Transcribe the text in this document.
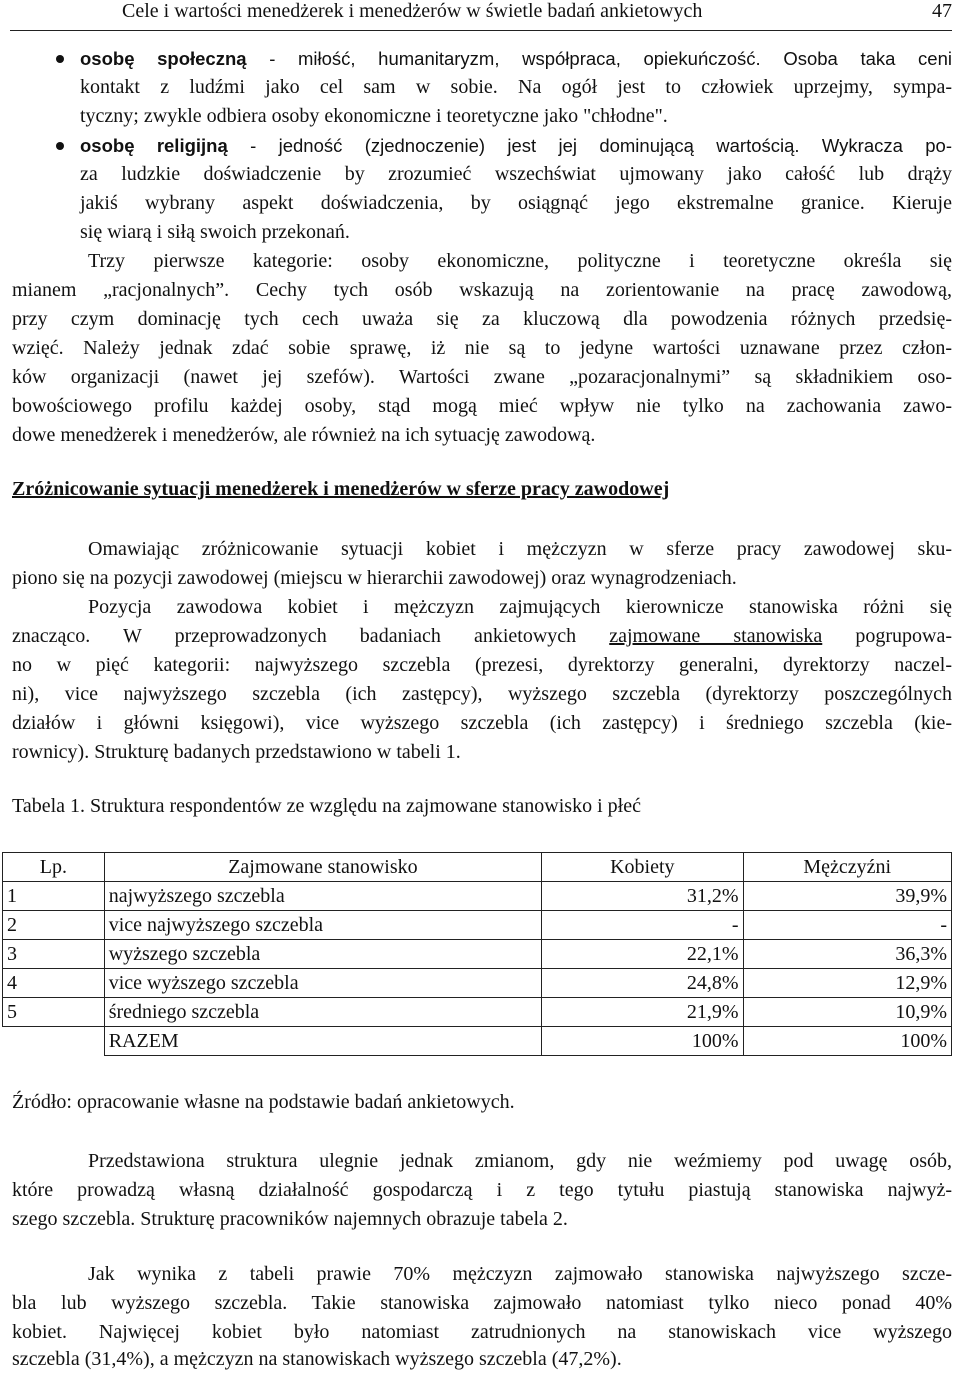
Cele i wartości menedżerek i menedżerów w świetle badań ankietowych	47
osobę społeczną - miłość, humanitaryzm, współpraca, opiekuńczość. Osoba taka ceni
kontakt z ludźmi jako cel sam w sobie. Na ogół jest to człowiek uprzejmy, sympa-
tyczny; zwykle odbiera osoby ekonomiczne i teoretyczne jako "chłodne".
osobę religijną - jedność (zjednoczenie) jest jej dominującą wartością. Wykracza po-
za ludzkie doświadczenie by zrozumieć wszechświat ujmowany jako całość lub drąży
jakiś wybrany aspekt doświadczenia, by osiągnąć jego ekstremalne granice. Kieruje
się wiarą i siłą swoich przekonań.
Trzy pierwsze kategorie: osoby ekonomiczne, polityczne i teoretyczne określa się
mianem „racjonalnych”. Cechy tych osób wskazują na zorientowanie na pracę zawodową,
przy czym dominację tych cech uważa się za kluczową dla powodzenia różnych przedsię-
wzięć. Należy jednak zdać sobie sprawę, iż nie są to jedyne wartości uznawane przez człon-
ków organizacji (nawet jej szefów). Wartości zwane „pozaracjonalnymi” są składnikiem oso-
bowościowego profilu każdej osoby, stąd mogą mieć wpływ nie tylko na zachowania zawo-
dowe menedżerek i menedżerów, ale również na ich sytuację zawodową.
Zróżnicowanie sytuacji menedżerek i menedżerów w sferze pracy zawodowej
Omawiając zróżnicowanie sytuacji kobiet i mężczyzn w sferze pracy zawodowej sku-
piono się na pozycji zawodowej (miejscu w hierarchii zawodowej) oraz wynagrodzeniach.
Pozycja zawodowa kobiet i mężczyzn zajmujących kierownicze stanowiska różni się
znacząco. W przeprowadzonych badaniach ankietowych zajmowane stanowiska pogrupowa-
no w pięć kategorii: najwyższego szczebla (prezesi, dyrektorzy generalni, dyrektorzy naczel-
ni), vice najwyższego szczebla (ich zastępcy), wyższego szczebla (dyrektorzy poszczególnych
działów i główni księgowi), vice wyższego szczebla (ich zastępcy) i średniego szczebla (kie-
rownicy). Strukturę badanych przedstawiono w tabeli 1.
Tabela 1. Struktura respondentów ze względu na zajmowane stanowisko i płeć
Lp.	Zajmowane stanowisko	Kobiety	Mężczyźni
1	najwyższego szczebla	31,2%	39,9%
2	vice najwyższego szczebla	-	-
3	wyższego szczebla	22,1%	36,3%
4	vice wyższego szczebla	24,8%	12,9%
5	średniego szczebla	21,9%	10,9%
	RAZEM	100%	100%
Źródło: opracowanie własne na podstawie badań ankietowych.
Przedstawiona struktura ulegnie jednak zmianom, gdy nie weźmiemy pod uwagę osób,
które prowadzą własną działalność gospodarczą i z tego tytułu piastują stanowiska najwyż-
szego szczebla. Strukturę pracowników najemnych obrazuje tabela 2.
Jak wynika z tabeli prawie 70% mężczyzn zajmowało stanowiska najwyższego szcze-
bla lub wyższego szczebla. Takie stanowiska zajmowało natomiast tylko nieco ponad 40%
kobiet. Najwięcej kobiet było natomiast zatrudnionych na stanowiskach vice wyższego
szczebla (31,4%), a mężczyzn na stanowiskach wyższego szczebla (47,2%).
